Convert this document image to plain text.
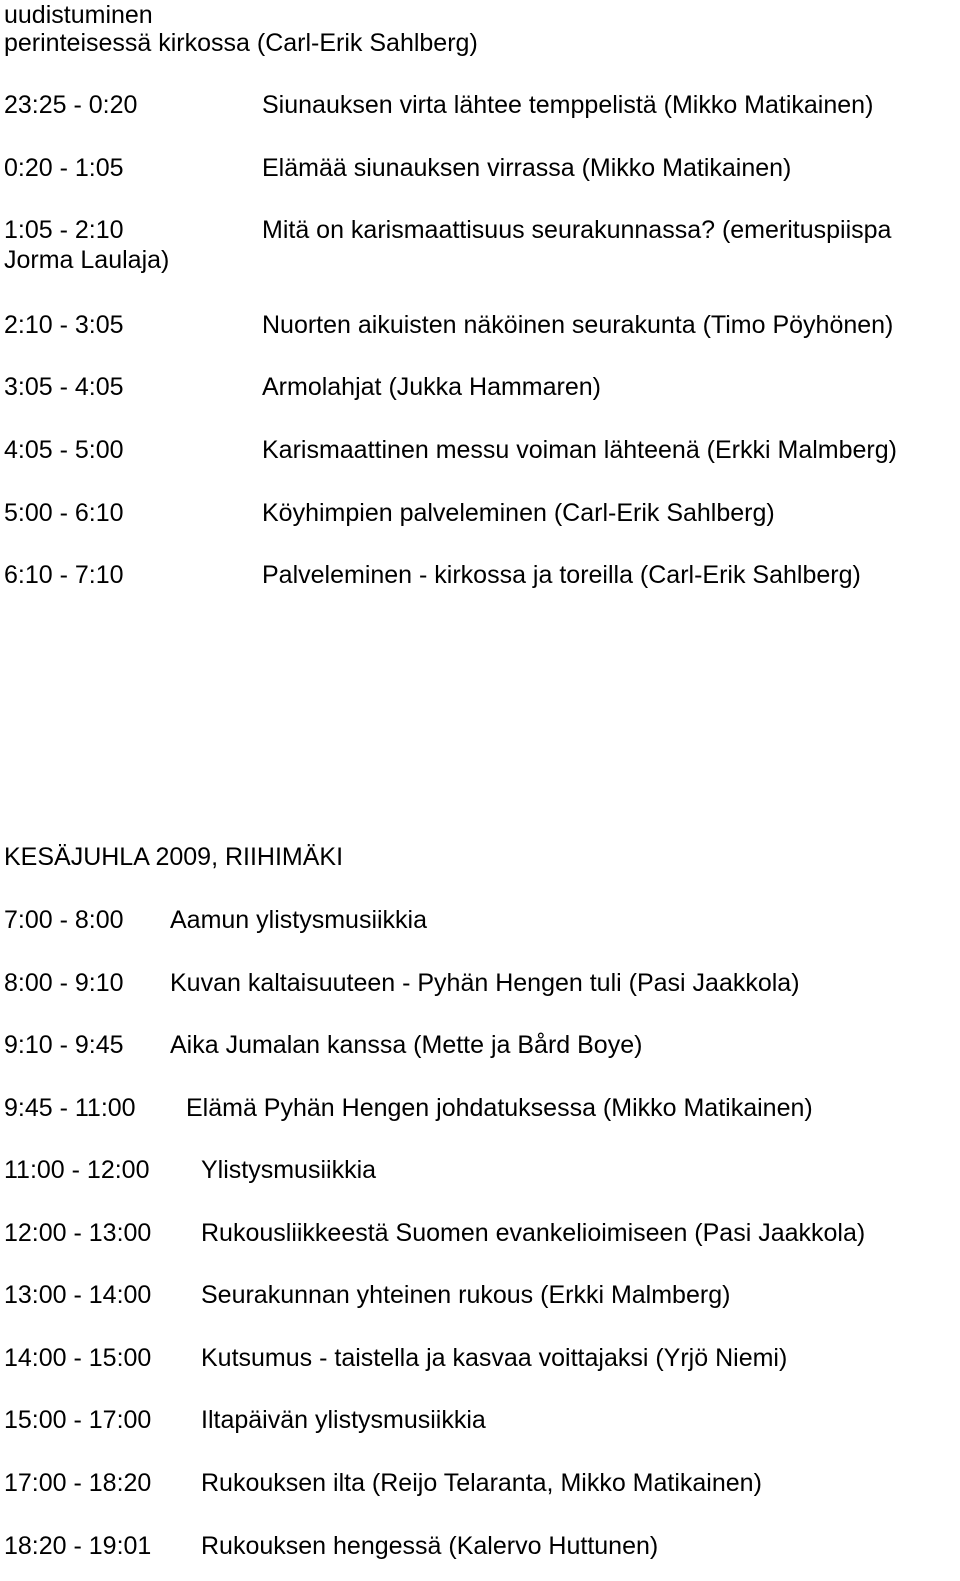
uudistuminen
perinteisessä kirkossa (Carl-Erik Sahlberg)
23:25 - 0:20	Siunauksen virta lähtee temppelistä (Mikko Matikainen)
0:20 - 1:05	Elämää siunauksen virrassa (Mikko Matikainen)
1:05 - 2:10	Mitä on karismaattisuus seurakunnassa? (emerituspiispa
Jorma Laulaja)
2:10 - 3:05	Nuorten aikuisten näköinen seurakunta (Timo Pöyhönen)
3:05 - 4:05	Armolahjat (Jukka Hammaren)
4:05 - 5:00	Karismaattinen messu voiman lähteenä (Erkki Malmberg)
5:00 - 6:10	Köyhimpien palveleminen (Carl-Erik Sahlberg)
6:10 - 7:10	Palveleminen - kirkossa ja toreilla (Carl-Erik Sahlberg)
KESÄJUHLA 2009, RIIHIMÄKI
7:00 - 8:00 Aamun ylistysmusiikkia
8:00 - 9:10 Kuvan kaltaisuuteen - Pyhän Hengen tuli (Pasi Jaakkola)
9:10 - 9:45 Aika Jumalan kanssa (Mette ja Bård Boye)
9:45 - 11:00 Elämä Pyhän Hengen johdatuksessa (Mikko Matikainen)
11:00 - 12:00 Ylistysmusiikkia
12:00 - 13:00 Rukousliikkeestä Suomen evankelioimiseen (Pasi Jaakkola)
13:00 - 14:00 Seurakunnan yhteinen rukous (Erkki Malmberg)
14:00 - 15:00 Kutsumus - taistella ja kasvaa voittajaksi (Yrjö Niemi)
15:00 - 17:00 Iltapäivän ylistysmusiikkia
17:00 - 18:20 Rukouksen ilta (Reijo Telaranta, Mikko Matikainen)
18:20 - 19:01 Rukouksen hengessä (Kalervo Huttunen)
